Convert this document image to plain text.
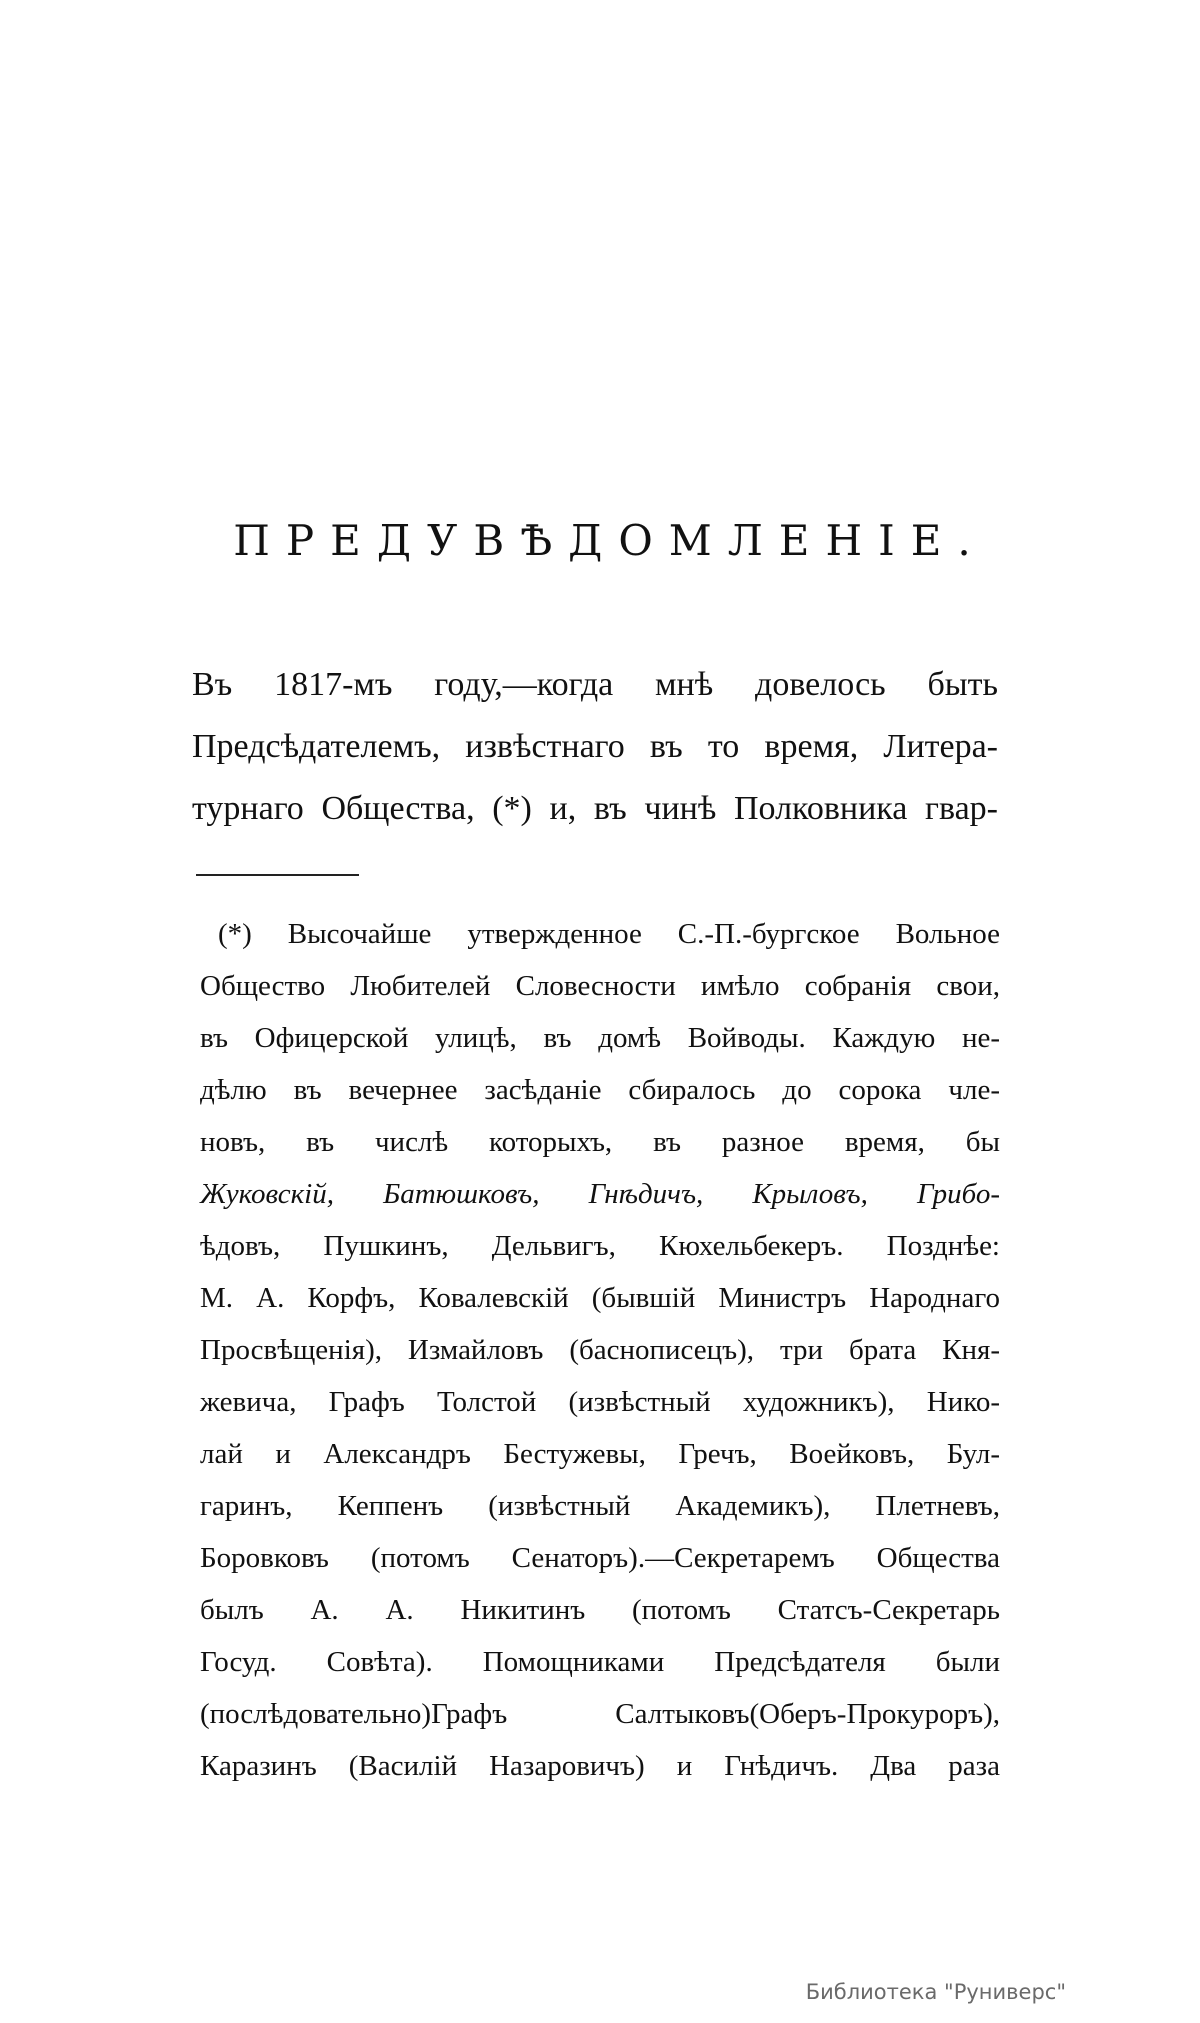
ПРЕДУВѢДОМЛЕНІЕ.
Въ 1817-мъ году,—когда мнѣ довелось быть
Предсѣдателемъ, извѣстнаго въ то время, Литера-
турнаго Общества, (*) и, въ чинѣ Полковника гвар-
(*) Высочайше утвержденное С.-П.-бургское Вольное
Общество Любителей Словесности имѣло собранія свои,
въ Офицерской улицѣ, въ домѣ Войводы. Каждую не-
дѣлю въ вечернее засѣданіе сбиралось до сорока чле-
новъ, въ числѣ которыхъ, въ разное время, бы
Жуковскій, Батюшковъ, Гнѣдичъ, Крыловъ, Грибо-
ѣдовъ, Пушкинъ, Дельвигъ, Кюхельбекеръ. Позднѣе:
М. А. Корфъ, Ковалевскій (бывшій Министръ Народнаго
Просвѣщенія), Измайловъ (баснописецъ), три брата Кня-
жевича, Графъ Толстой (извѣстный художникъ), Нико-
лай и Александръ Бестужевы, Гречъ, Воейковъ, Бул-
гаринъ, Кеппенъ (извѣстный Академикъ), Плетневъ,
Боровковъ (потомъ Сенаторъ).—Секретаремъ Общества
былъ А. А. Никитинъ (потомъ Статсъ-Секретарь
Госуд. Совѣта). Помощниками Предсѣдателя были
(послѣдовательно)Графъ Салтыковъ(Оберъ-Прокуроръ),
Каразинъ (Василій Назаровичъ) и Гнѣдичъ. Два раза
Библиотека "Руниверс"
